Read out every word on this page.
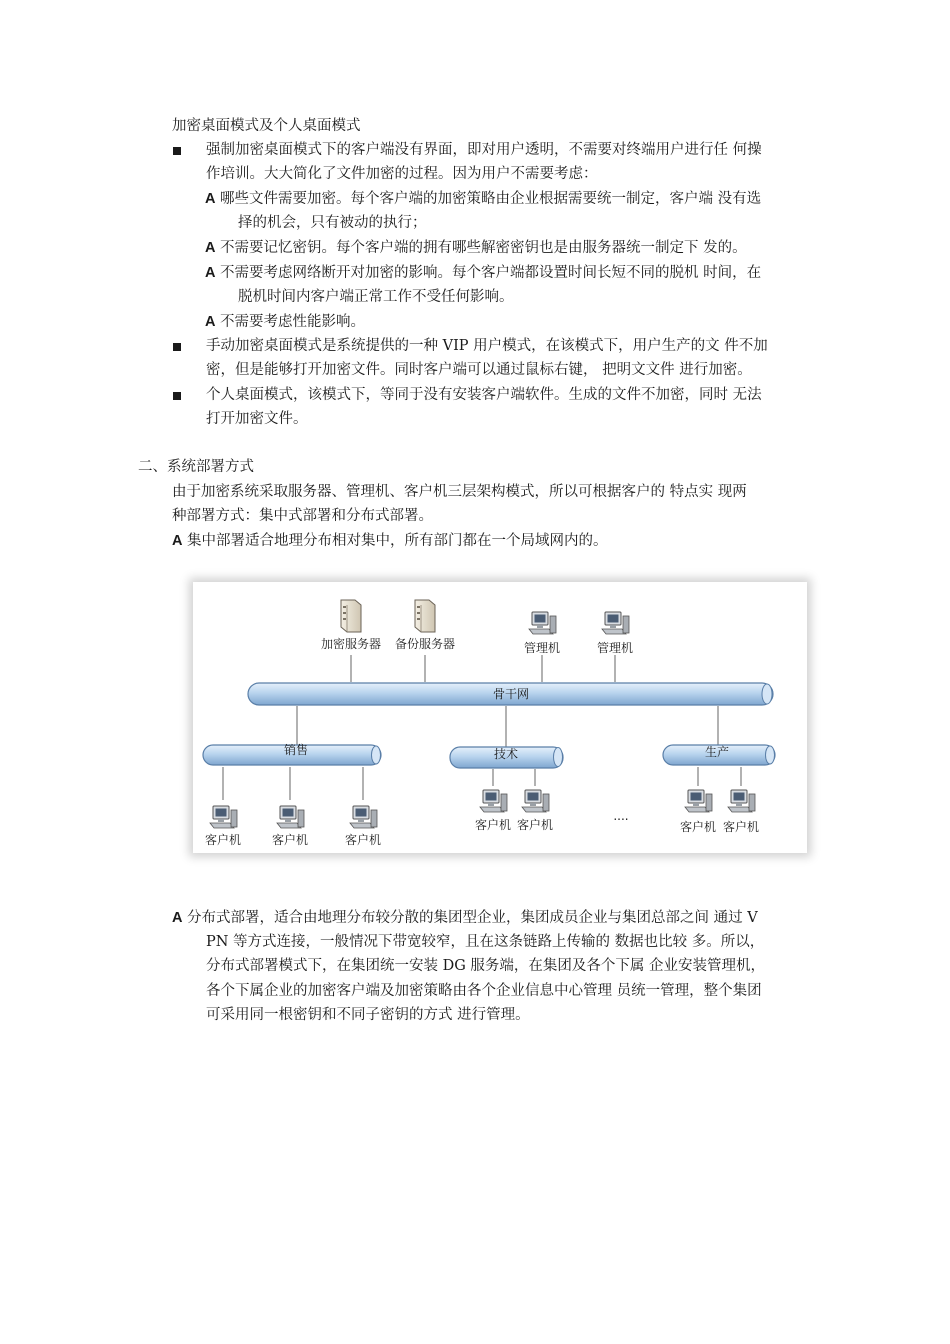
加密桌面模式及个人桌面模式
强制加密桌面模式下的客户端没有界面，即对用户透明，不需要对终端用户进行任 何操
作培训。大大简化了文件加密的过程。因为用户不需要考虑：
A 哪些文件需要加密。每个客户端的加密策略由企业根据需要统一制定，客户端 没有选
择的机会，只有被动的执行；
A 不需要记忆密钥。每个客户端的拥有哪些解密密钥也是由服务器统一制定下 发的。
A 不需要考虑网络断开对加密的影响。每个客户端都设置时间长短不同的脱机 时间，在
脱机时间内客户端正常工作不受任何影响。
A 不需要考虑性能影响。
手动加密桌面模式是系统提供的一种 VIP 用户模式，在该模式下，用户生产的文 件不加
密，但是能够打开加密文件。同时客户端可以通过鼠标右键， 把明文文件 进行加密。
个人桌面模式，该模式下，等同于没有安装客户端软件。生成的文件不加密，同时 无法
打开加密文件。
二、系统部署方式
由于加密系统采取服务器、管理机、客户机三层架构模式，所以可根据客户的 特点实 现两
种部署方式：集中式部署和分布式部署。
A 集中部署适合地理分布相对集中，所有部门都在一个局域网内的。
骨干网
销售	技术	生产
加密服务器 备份服务器	管理机	管理机
客户机	客户机	客户机
客户机 客户机
....
客户机 客户机
A 分布式部署，适合由地理分布较分散的集团型企业，集团成员企业与集团总部之间 通过 V
PN 等方式连接，一般情况下带宽较窄，且在这条链路上传输的 数据也比较 多。所以，
分布式部署模式下，在集团统一安装 DG 服务端，在集团及各个下属 企业安装管理机，
各个下属企业的加密客户端及加密策略由各个企业信息中心管理 员统一管理，整个集团
可采用同一根密钥和不同子密钥的方式 进行管理。
